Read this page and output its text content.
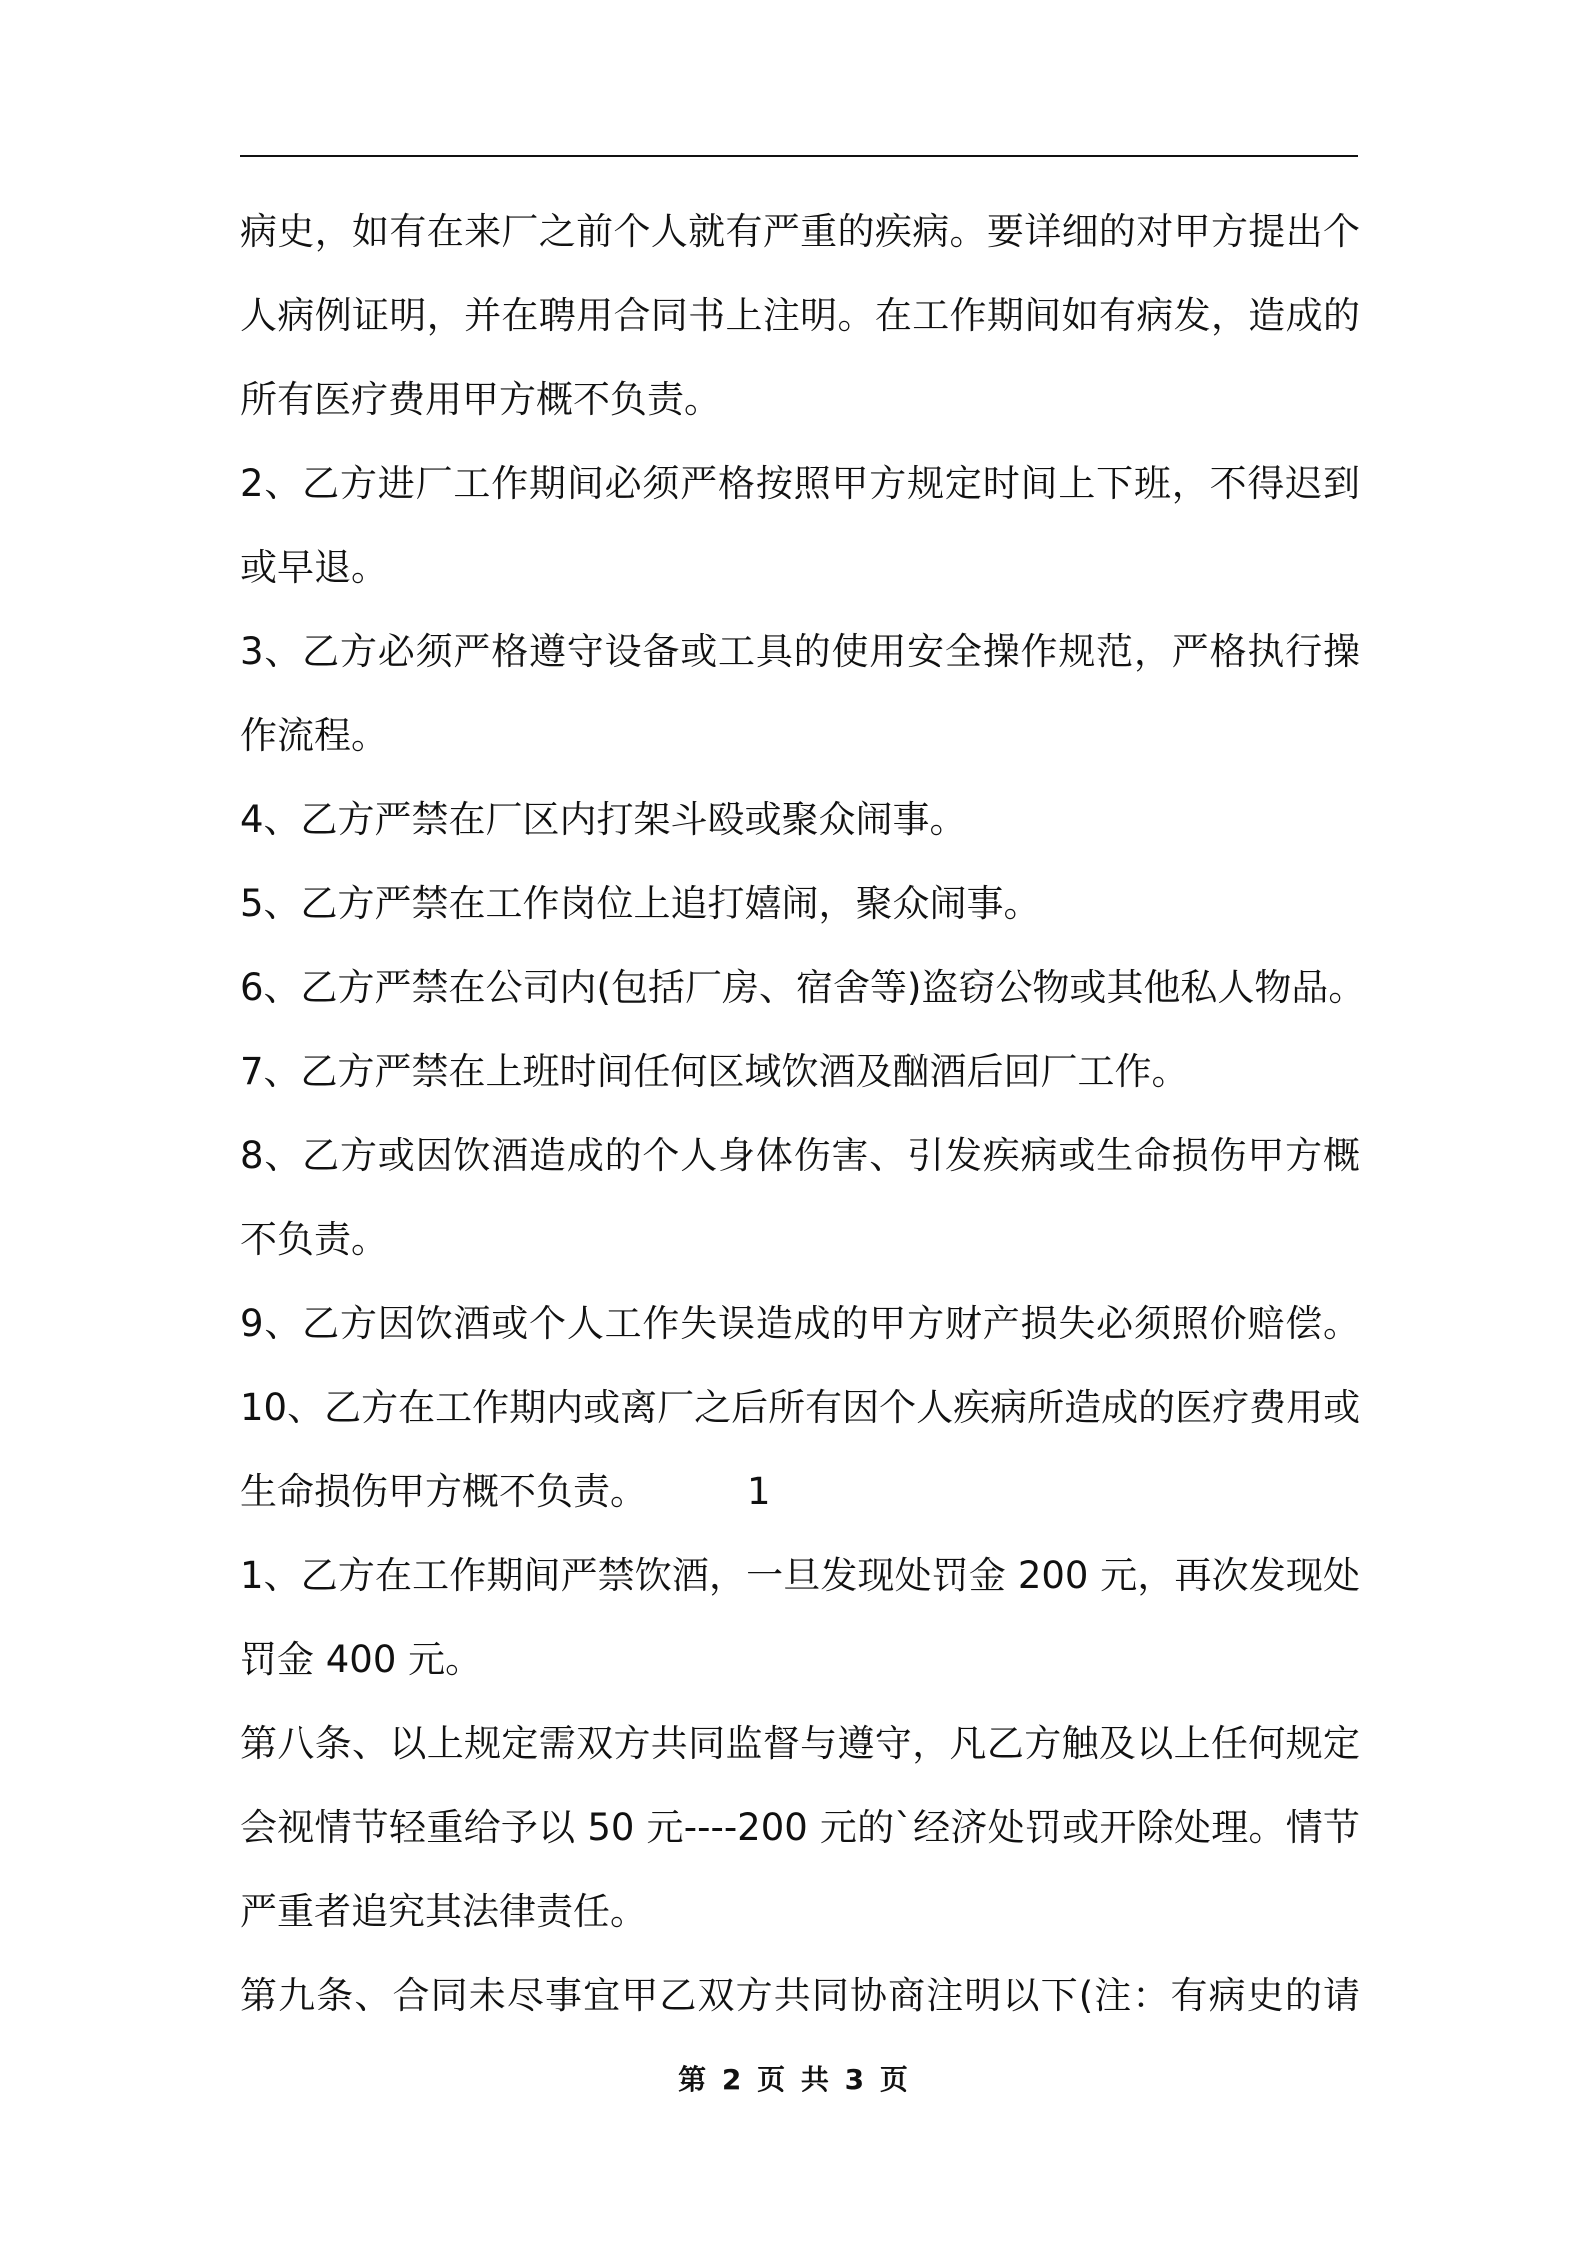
病史，如有在来厂之前个人就有严重的疾病。要详细的对甲方提出个
人病例证明，并在聘用合同书上注明。在工作期间如有病发，造成的
所有医疗费用甲方概不负责。
2、乙方进厂工作期间必须严格按照甲方规定时间上下班，不得迟到
或早退。
3、乙方必须严格遵守设备或工具的使用安全操作规范，严格执行操
作流程。
4、乙方严禁在厂区内打架斗殴或聚众闹事。
5、乙方严禁在工作岗位上追打嬉闹，聚众闹事。
6、乙方严禁在公司内(包括厂房、宿舍等)盗窃公物或其他私人物品。
7、乙方严禁在上班时间任何区域饮酒及酗酒后回厂工作。
8、乙方或因饮酒造成的个人身体伤害、引发疾病或生命损伤甲方概
不负责。
9、乙方因饮酒或个人工作失误造成的甲方财产损失必须照价赔偿。
10、乙方在工作期内或离厂之后所有因个人疾病所造成的医疗费用或
生命损伤甲方概不负责。	1
1、乙方在工作期间严禁饮酒，一旦发现处罚金 200 元，再次发现处
罚金 400 元。
第八条、以上规定需双方共同监督与遵守，凡乙方触及以上任何规定
会视情节轻重给予以 50 元----200 元的`经济处罚或开除处理。情节
严重者追究其法律责任。
第九条、合同未尽事宜甲乙双方共同协商注明以下(注：有病史的请
第 2 页 共 3 页
